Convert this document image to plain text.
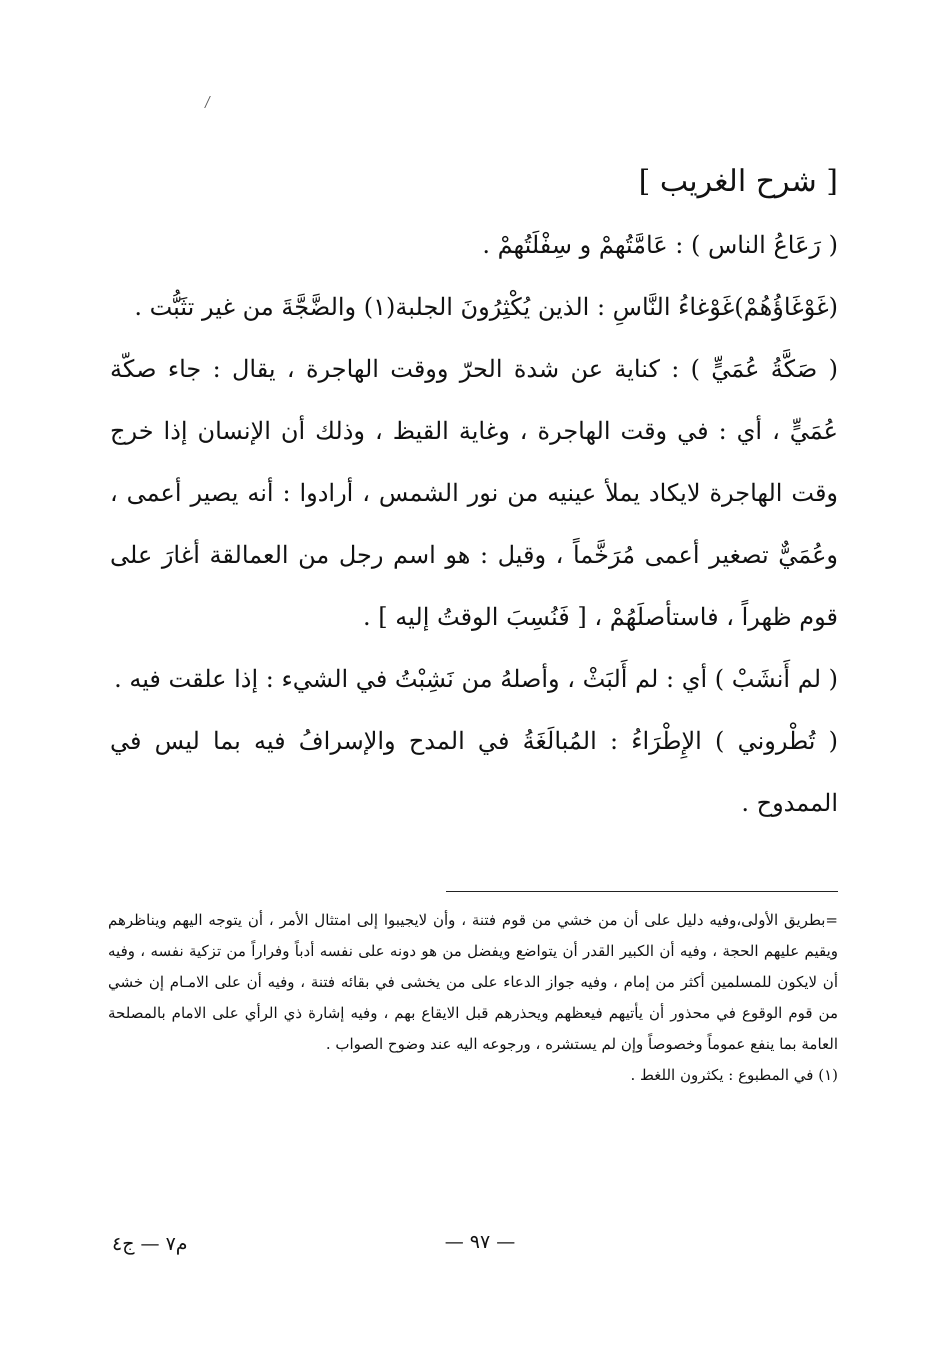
[ شرح الغريب ]

( رَعَاعُ الناس ) : عَامَّتُهمْ و سِفْلَتُهمْ .

(غَوْغَاؤُهُمْ)غَوْغاءُ النَّاسِ : الذين يُكْثِرُونَ الجلبة(١) والضَّجَّةَ من غير تثَبُّت .

( صَكَّةُ عُمَيٍّ ) : كناية عن شدة الحرّ ووقت الهاجرة ، يقال : جاء صكّة عُمَيٍّ ، أي : في وقت الهاجرة ، وغاية القيظ ، وذلك أن الإنسان إذا خرج وقت الهاجرة لايكاد يملأ عينيه من نور الشمس ، أرادوا : أنه يصير أعمى ، وعُمَيٌّ تصغير أعمى مُرَخَّماً ، وقيل : هو اسم رجل من العمالقة أغارَ على قوم ظهراً ، فاستأصلَهُمْ ، [ فَنُسِبَ الوقتُ إليه ] .

( لم أَنشَبْ ) أي : لم أَلبَثْ ، وأصلهُ من نَشِبْتُ في الشيء : إذا علقت فيه .

( تُطْروني ) الإِطْرَاءُ : المُبالَغَةُ في المدح والإسرافُ فيه بما ليس في الممدوح .

=بطريق الأولى،وفيه دليل على أن من خشي من قوم فتنة ، وأن لايجيبوا إلى امتثال الأمر ، أن يتوجه اليهم ويناظرهم ويقيم عليهم الحجة ، وفيه أن الكبير القدر أن يتواضع ويفضل من هو دونه على نفسه أدباً وفراراً من تزكية نفسه ، وفيه أن لايكون للمسلمين أكثر من إمام ، وفيه جواز الدعاء على من يخشى في بقائه فتنة ، وفيه أن على الامـام إن خشي من قوم الوقوع في محذور أن يأتيهم فيعظهم ويحذرهم قبل الايقاع بهم ، وفيه إشارة ذي الرأي على الامام بالمصلحة العامة بما ينفع عموماً وخصوصاً وإن لم يستشره ، ورجوعه اليه عند وضوح الصواب .

(١) في المطبوع : يكثرون اللغط .

— ٩٧ —
م٧ — ج٤
